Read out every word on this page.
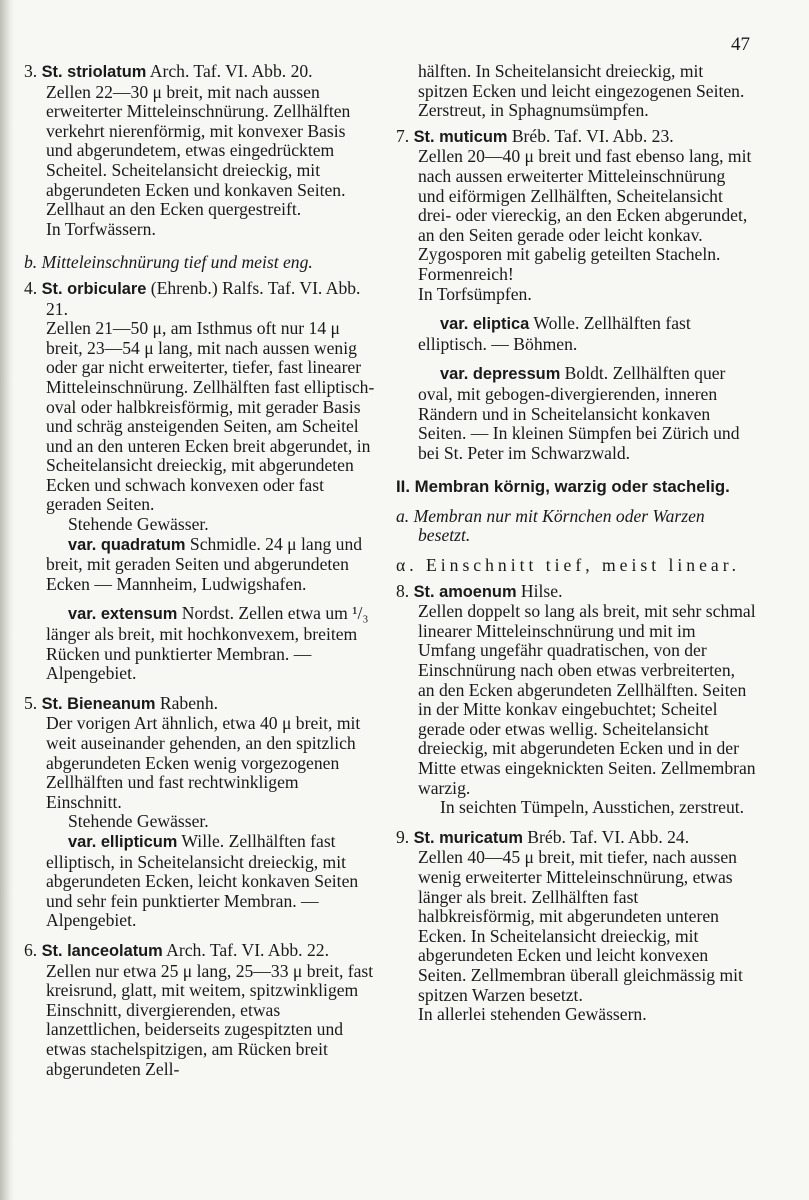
47
3. St. striolatum Arch. Taf. VI. Abb. 20.
Zellen 22—30 μ breit, mit nach aussen erweiterter Mitteleinschnürung. Zellhälften verkehrt nierenförmig, mit konvexer Basis und abgerundetem, etwas eingedrücktem Scheitel. Scheitelansicht dreieckig, mit abgerundeten Ecken und konkaven Seiten. Zellhaut an den Ecken quergestreift.
In Torfwässern.
b. Mitteleinschnürung tief und meist eng.
4. St. orbiculare (Ehrenb.) Ralfs. Taf. VI. Abb. 21.
Zellen 21—50 μ, am Isthmus oft nur 14 μ breit, 23—54 μ lang, mit nach aussen wenig oder gar nicht erweiterter, tiefer, fast linearer Mitteleinschnürung. Zellhälften fast elliptisch-oval oder halbkreisförmig, mit gerader Basis und schräg ansteigenden Seiten, am Scheitel und an den unteren Ecken breit abgerundet, in Scheitelansicht dreieckig, mit abgerundeten Ecken und schwach konvexen oder fast geraden Seiten.
Stehende Gewässer.
var. quadratum Schmidle. 24 μ lang und breit, mit geraden Seiten und abgerundeten Ecken — Mannheim, Ludwigshafen.
var. extensum Nordst. Zellen etwa um ¹/₃ länger als breit, mit hochkonvexem, breitem Rücken und punktierter Membran. — Alpengebiet.
5. St. Bieneanum Rabenh.
Der vorigen Art ähnlich, etwa 40 μ breit, mit weit auseinander gehenden, an den spitzlich abgerundeten Ecken wenig vorgezogenen Zellhälften und fast rechtwinkligem Einschnitt.
Stehende Gewässer.
var. ellipticum Wille. Zellhälften fast elliptisch, in Scheitelansicht dreieckig, mit abgerundeten Ecken, leicht konkaven Seiten und sehr fein punktierter Membran. — Alpengebiet.
6. St. lanceolatum Arch. Taf. VI. Abb. 22.
Zellen nur etwa 25 μ lang, 25—33 μ breit, fast kreisrund, glatt, mit weitem, spitzwinkligem Einschnitt, divergierenden, etwas lanzettlichen, beiderseits zugespitzten und etwas stachelspitzigen, am Rücken breit abgerundeten Zell-
hälften. In Scheitelansicht dreieckig, mit spitzen Ecken und leicht eingezogenen Seiten.
Zerstreut, in Sphagnumsümpfen.
7. St. muticum Bréb. Taf. VI. Abb. 23.
Zellen 20—40 μ breit und fast ebenso lang, mit nach aussen erweiterter Mitteleinschnürung und eiförmigen Zellhälften, Scheitelansicht drei- oder viereckig, an den Ecken abgerundet, an den Seiten gerade oder leicht konkav. Zygosporen mit gabelig geteilten Stacheln. Formenreich!
In Torfsümpfen.
var. eliptica Wolle. Zellhälften fast elliptisch. — Böhmen.
var. depressum Boldt. Zellhälften quer oval, mit gebogen-divergierenden, inneren Rändern und in Scheitelansicht konkaven Seiten. — In kleinen Sümpfen bei Zürich und bei St. Peter im Schwarzwald.
II. Membran körnig, warzig oder stachelig.
a. Membran nur mit Körnchen oder Warzen besetzt.
α. Einschnitt tief, meist linear.
8. St. amoenum Hilse.
Zellen doppelt so lang als breit, mit sehr schmal linearer Mitteleinschnürung und mit im Umfang ungefähr quadratischen, von der Einschnürung nach oben etwas verbreiterten, an den Ecken abgerundeten Zellhälften. Seiten in der Mitte konkav eingebuchtet; Scheitel gerade oder etwas wellig. Scheitelansicht dreieckig, mit abgerundeten Ecken und in der Mitte etwas eingeknickten Seiten. Zellmembran warzig.
In seichten Tümpeln, Ausstichen, zerstreut.
9. St. muricatum Bréb. Taf. VI. Abb. 24.
Zellen 40—45 μ breit, mit tiefer, nach aussen wenig erweiterter Mitteleinschnürung, etwas länger als breit. Zellhälften fast halbkreisförmig, mit abgerundeten unteren Ecken. In Scheitelansicht dreieckig, mit abgerundeten Ecken und leicht konvexen Seiten. Zellmembran überall gleichmässig mit spitzen Warzen besetzt.
In allerlei stehenden Gewässern.
